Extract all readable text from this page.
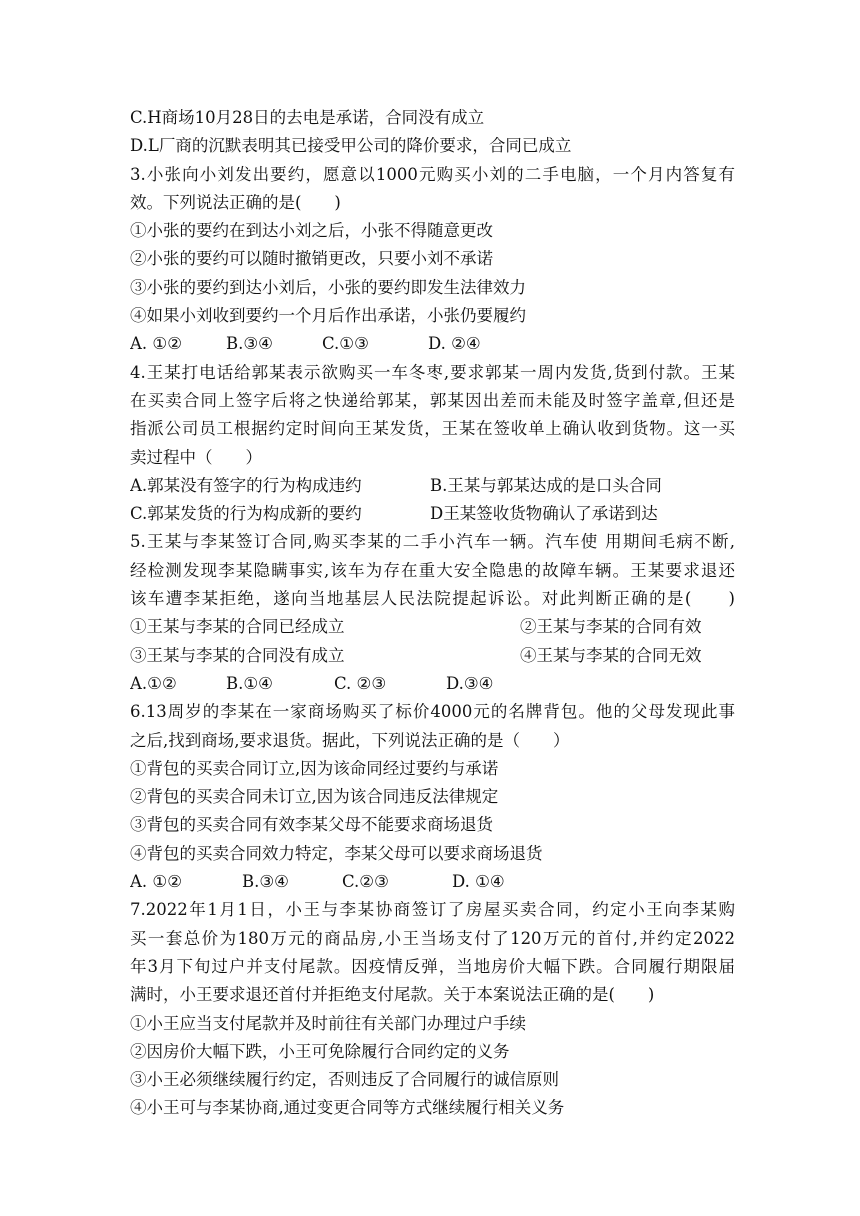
C.H商场10月28日的去电是承诺，合同没有成立
D.L厂商的沉默表明其已接受甲公司的降价要求，合同已成立
3.小张向小刘发出要约，愿意以1000元购买小刘的二手电脑，一个月内答复有
效。下列说法正确的是(　　)
①小张的要约在到达小刘之后，小张不得随意更改
②小张的要约可以随时撤销更改，只要小刘不承诺
③小张的要约到达小刘后，小张的要约即发生法律效力
④如果小刘收到要约一个月后作出承诺，小张仍要履约
A. ①②	B.③④	C.①③	D. ②④
4.王某打电话给郭某表示欲购买一车冬枣,要求郭某一周内发货,货到付款。王某
在买卖合同上签字后将之快递给郭某，郭某因出差而未能及时签字盖章,但还是
指派公司员工根据约定时间向王某发货，王某在签收单上确认收到货物。这一买
卖过程中（　　）
A.郭某没有签字的行为构成违约	B.王某与郭某达成的是口头合同
C.郭某发货的行为构成新的要约	D王某签收货物确认了承诺到达
5.王某与李某签订合同,购买李某的二手小汽车一辆。汽车使 用期间毛病不断,
经检测发现李某隐瞒事实,该车为存在重大安全隐患的故障车辆。王某要求退还
该车遭李某拒绝，遂向当地基层人民法院提起诉讼。对此判断正确的是(　　)
①王某与李某的合同已经成立	②王某与李某的合同有效
③王某与李某的合同没有成立	④王某与李某的合同无效
A.①②	B.①④	C. ②③	D.③④
6.13周岁的李某在一家商场购买了标价4000元的名牌背包。他的父母发现此事
之后,找到商场,要求退货。据此，下列说法正确的是（　　）
①背包的买卖合同订立,因为该命同经过要约与承诺
②背包的买卖合同未订立,因为该合同违反法律规定
③背包的买卖合同有效李某父母不能要求商场退货
④背包的买卖合同效力特定，李某父母可以要求商场退货
A. ①②	B.③④	C.②③	D. ①④
7.2022年1月1日，小王与李某协商签订了房屋买卖合同，约定小王向李某购
买一套总价为180万元的商品房,小王当场支付了120万元的首付,并约定2022
年3月下旬过户并支付尾款。因疫情反弹，当地房价大幅下跌。合同履行期限届
满时，小王要求退还首付并拒绝支付尾款。关于本案说法正确的是(　　)
①小王应当支付尾款并及时前往有关部门办理过户手续
②因房价大幅下跌，小王可免除履行合同约定的义务
③小王必须继续履行约定，否则违反了合同履行的诚信原则
④小王可与李某协商,通过变更合同等方式继续履行相关义务
